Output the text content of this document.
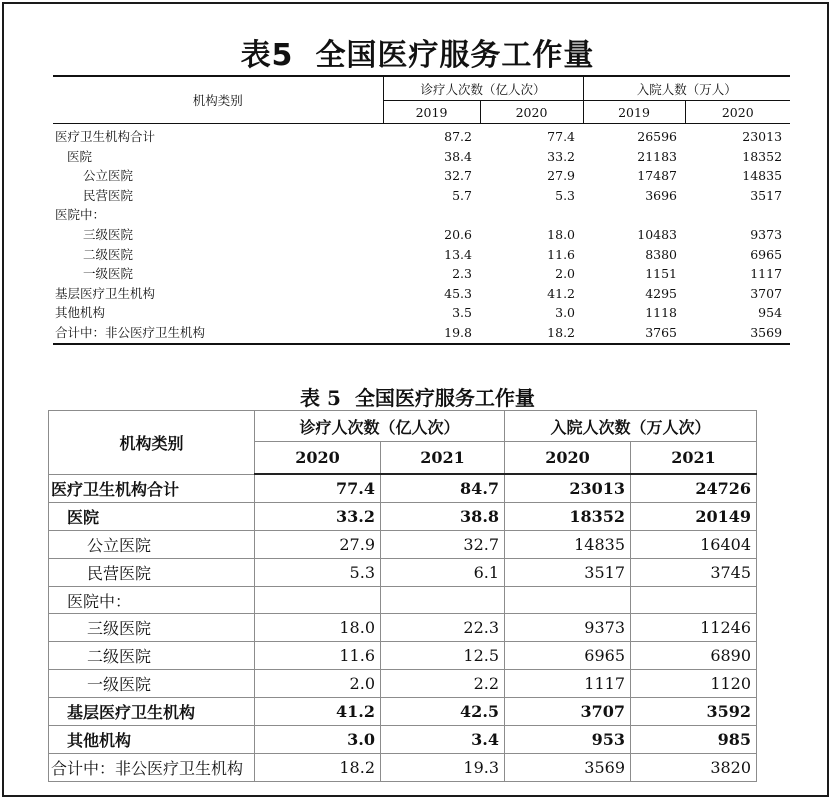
表5 全国医疗服务工作量
机构类别	诊疗人次数（亿人次）		入院人数（万人）	
	2019	2020	2019	2020
医疗卫生机构合计	87.2	77.4	26596	23013
医院	38.4	33.2	21183	18352
公立医院	32.7	27.9	17487	14835
民营医院	5.7	5.3	3696	3517
医院中：				
三级医院	20.6	18.0	10483	9373
二级医院	13.4	11.6	8380	6965
一级医院	2.3	2.0	1151	1117
基层医疗卫生机构	45.3	41.2	4295	3707
其他机构	3.5	3.0	1118	954
合计中：非公医疗卫生机构	19.8	18.2	3765	3569
表 5 全国医疗服务工作量
机构类别	诊疗人次数（亿人次）		入院人次数（万人次）	
	2020	2021	2020	2021
医疗卫生机构合计	77.4	84.7	23013	24726
医院	33.2	38.8	18352	20149
公立医院	27.9	32.7	14835	16404
民营医院	5.3	6.1	3517	3745
医院中：				
三级医院	18.0	22.3	9373	11246
二级医院	11.6	12.5	6965	6890
一级医院	2.0	2.2	1117	1120
基层医疗卫生机构	41.2	42.5	3707	3592
其他机构	3.0	3.4	953	985
合计中：非公医疗卫生机构	18.2	19.3	3569	3820
